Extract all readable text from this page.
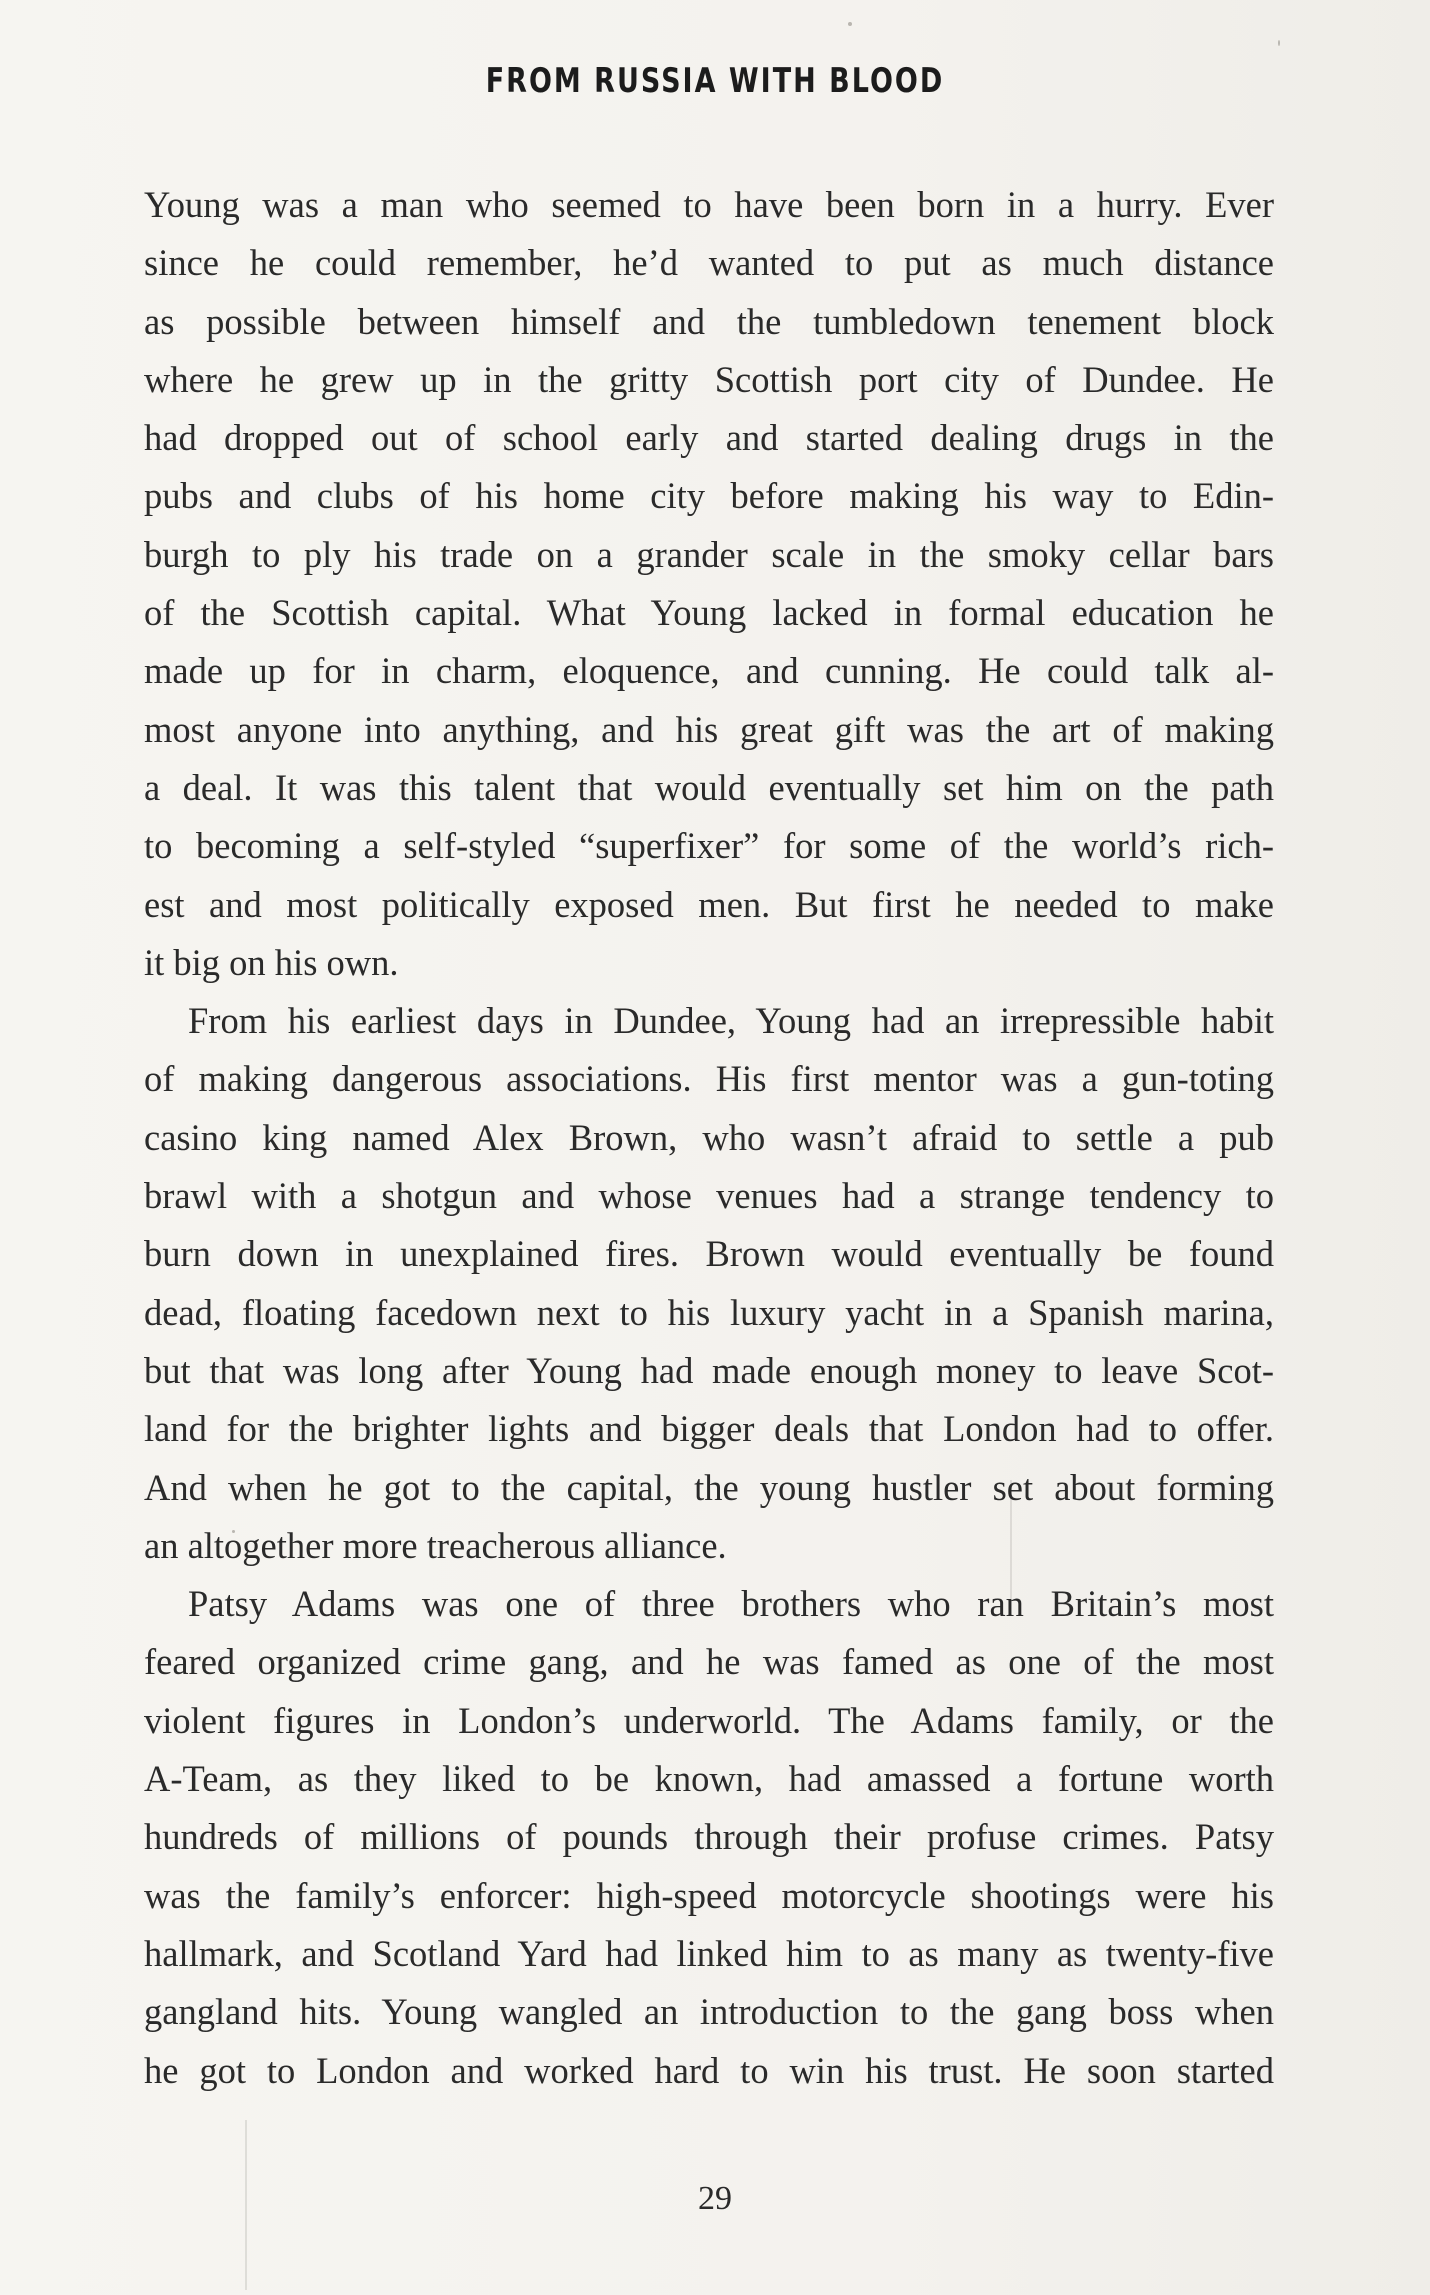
FROM RUSSIA WITH BLOOD

Young was a man who seemed to have been born in a hurry. Ever
since he could remember, he’d wanted to put as much distance
as possible between himself and the tumbledown tenement block
where he grew up in the gritty Scottish port city of Dundee. He
had dropped out of school early and started dealing drugs in the
pubs and clubs of his home city before making his way to Edin-
burgh to ply his trade on a grander scale in the smoky cellar bars
of the Scottish capital. What Young lacked in formal education he
made up for in charm, eloquence, and cunning. He could talk al-
most anyone into anything, and his great gift was the art of making
a deal. It was this talent that would eventually set him on the path
to becoming a self-styled “superfixer” for some of the world’s rich-
est and most politically exposed men. But first he needed to make
it big on his own.

From his earliest days in Dundee, Young had an irrepressible habit
of making dangerous associations. His first mentor was a gun-toting
casino king named Alex Brown, who wasn’t afraid to settle a pub
brawl with a shotgun and whose venues had a strange tendency to
burn down in unexplained fires. Brown would eventually be found
dead, floating facedown next to his luxury yacht in a Spanish marina,
but that was long after Young had made enough money to leave Scot-
land for the brighter lights and bigger deals that London had to offer.
And when he got to the capital, the young hustler set about forming
an altogether more treacherous alliance.

Patsy Adams was one of three brothers who ran Britain’s most
feared organized crime gang, and he was famed as one of the most
violent figures in London’s underworld. The Adams family, or the
A-Team, as they liked to be known, had amassed a fortune worth
hundreds of millions of pounds through their profuse crimes. Patsy
was the family’s enforcer: high-speed motorcycle shootings were his
hallmark, and Scotland Yard had linked him to as many as twenty-five
gangland hits. Young wangled an introduction to the gang boss when
he got to London and worked hard to win his trust. He soon started

29
